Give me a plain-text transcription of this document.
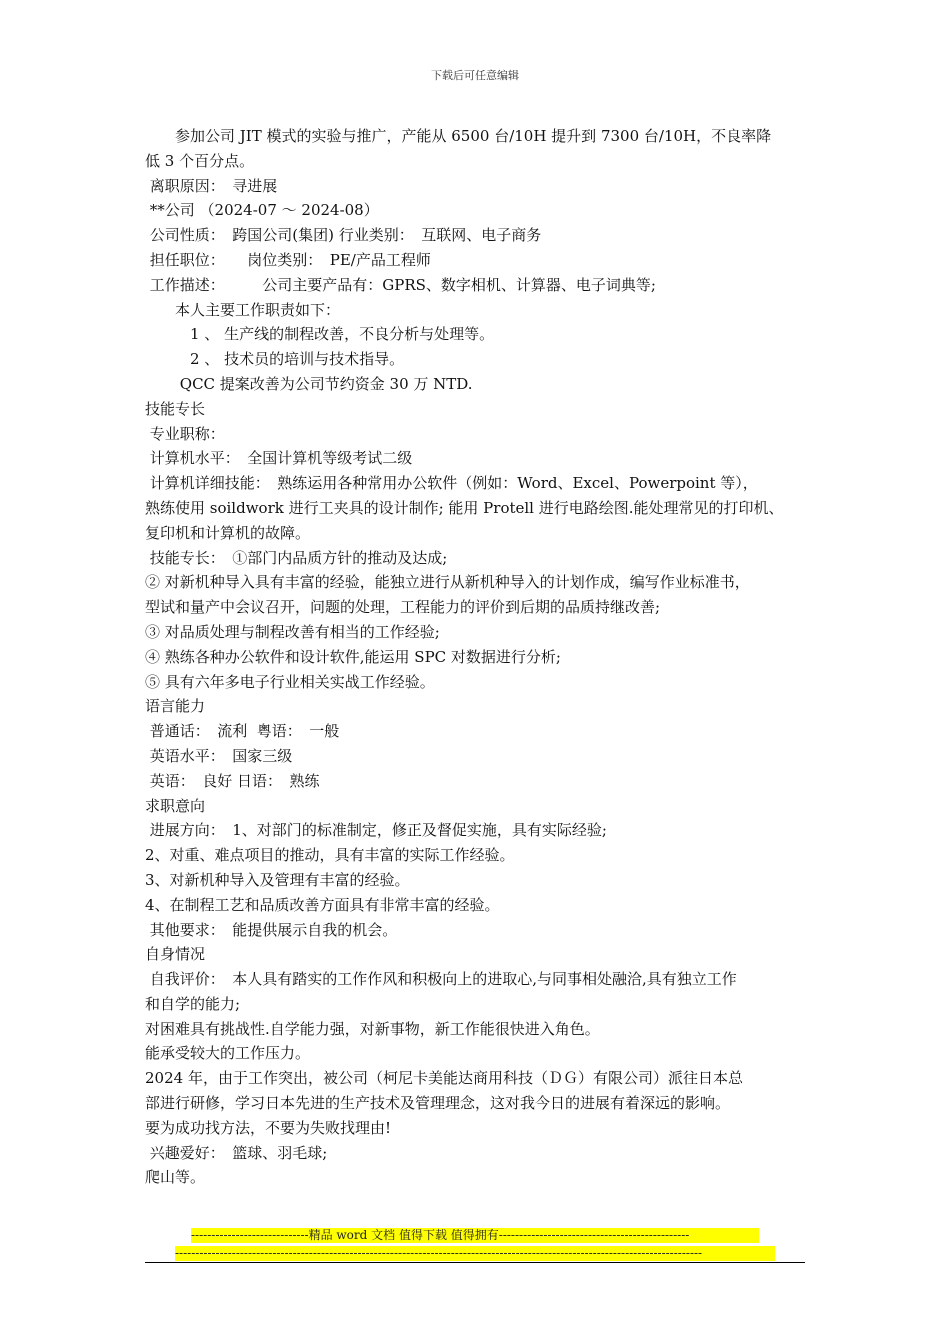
下载后可任意编辑
　　参加公司 JIT 模式的实验与推广，产能从 6500 台/10H 提升到 7300 台/10H，不良率降
低 3 个百分点。
离职原因：　寻进展
**公司 （2024-07 ～ 2024-08）
公司性质：　跨国公司(集团) 行业类别：　互联网、电子商务
担任职位：　　岗位类别：　PE/产品工程师
工作描述：　　　公司主要产品有：GPRS、数字相机、计算器、电子词典等;
　　本人主要工作职责如下：
　　　1 、 生产线的制程改善，不良分析与处理等。
　　　2 、 技术员的培训与技术指导。
　　 QCC 提案改善为公司节约资金 30 万 NTD.
技能专长
专业职称：
计算机水平：　全国计算机等级考试二级
计算机详细技能：　熟练运用各种常用办公软件（例如：Word、Excel、Powerpoint 等），
熟练使用 soildwork 进行工夹具的设计制作; 能用 Protell 进行电路绘图.能处理常见的打印机、
复印机和计算机的故障。
技能专长：　①部门内品质方针的推动及达成;
② 对新机种导入具有丰富的经验，能独立进行从新机种导入的计划作成，编写作业标准书，
型试和量产中会议召开，问题的处理，工程能力的评价到后期的品质持继改善;
③ 对品质处理与制程改善有相当的工作经验;
④ 熟练各种办公软件和设计软件,能运用 SPC 对数据进行分析;
⑤ 具有六年多电子行业相关实战工作经验。
语言能力
普通话：　流利  粤语：　一般
英语水平：　国家三级
英语：　良好 日语：　熟练
求职意向
进展方向：　1、对部门的标准制定，修正及督促实施，具有实际经验;
2、对重、难点项目的推动，具有丰富的实际工作经验。
3、对新机种导入及管理有丰富的经验。
4、在制程工艺和品质改善方面具有非常丰富的经验。
其他要求：　能提供展示自我的机会。
自身情况
自我评价：　本人具有踏实的工作作风和积极向上的进取心,与同事相处融洽,具有独立工作
和自学的能力;
对困难具有挑战性.自学能力强，对新事物，新工作能很快进入角色。
能承受较大的工作压力。
2024 年，由于工作突出，被公司（柯尼卡美能达商用科技（ＤＧ）有限公司）派往日本总
部进行研修，学习日本先进的生产技术及管理理念，这对我今日的进展有着深远的影响。
要为成功找方法，不要为失败找理由!
兴趣爱好：　篮球、羽毛球;
爬山等。
-----------------------------精品 word 文档 值得下载 值得拥有-----------------------------------------------
----------------------------------------------------------------------------------------------------------------------------------
